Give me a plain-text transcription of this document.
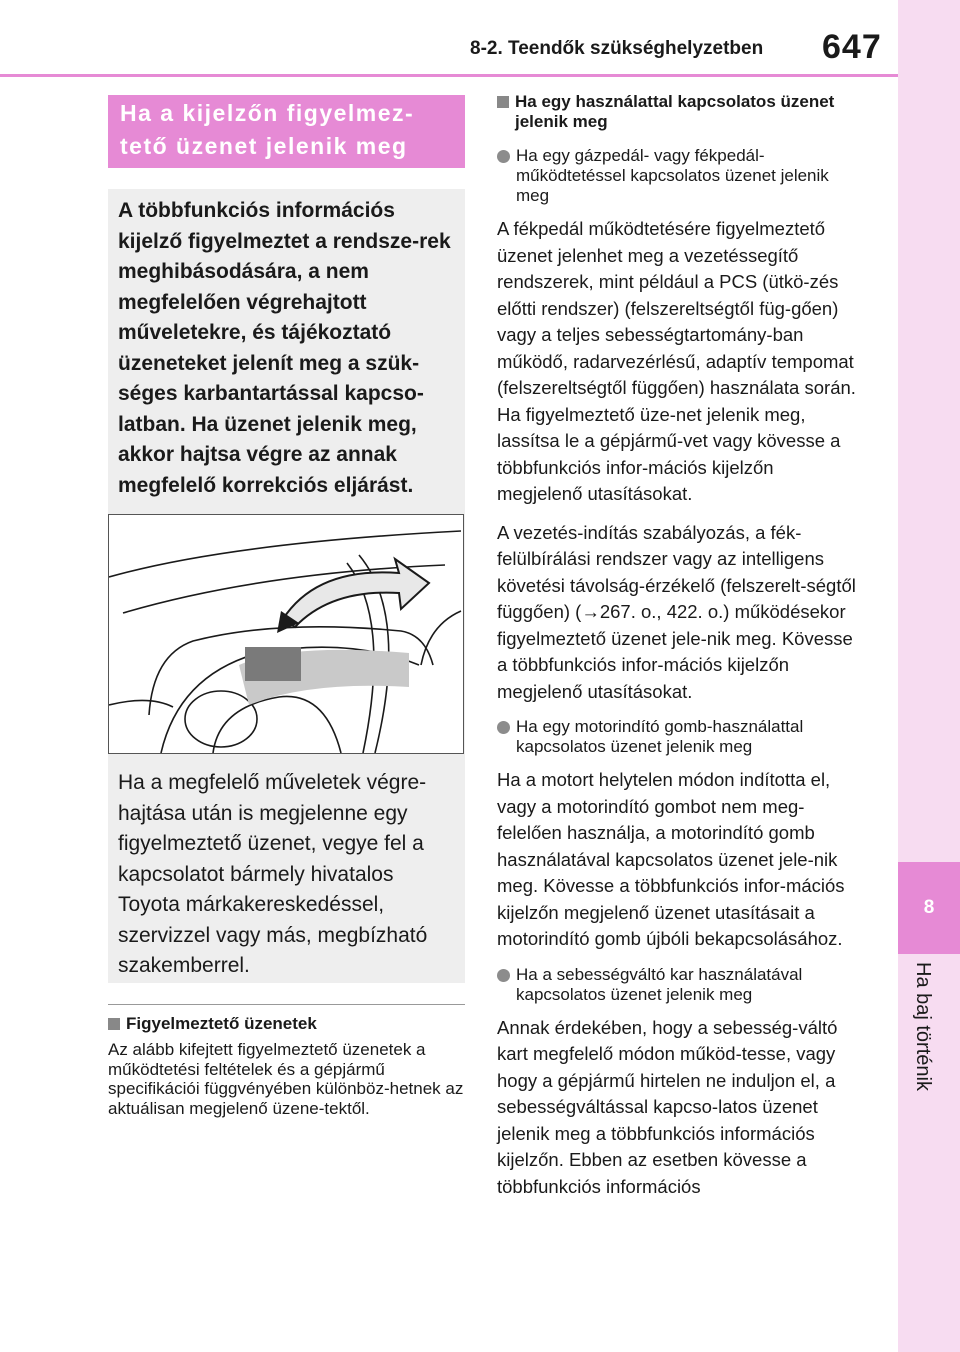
8-2. Teendők szükséghelyzetben 647
8
Ha baj történik
Ha a kijelzőn figyelmez-tető üzenet jelenik meg
A többfunkciós információs kijelző figyelmeztet a rendsze-rek meghibásodására, a nem megfelelően végrehajtott műveletekre, és tájékoztató üzeneteket jelenít meg a szük-séges karbantartással kapcso-latban. Ha üzenet jelenik meg, akkor hajtsa végre az annak megfelelő korrekciós eljárást.
Ha a megfelelő műveletek végre-hajtása után is megjelenne egy figyelmeztető üzenet, vegye fel a kapcsolatot bármely hivatalos Toyota márkakereskedéssel, szervizzel vagy más, megbízható szakemberrel.
Figyelmeztető üzenetek
Az alább kifejtett figyelmeztető üzenetek a működtetési feltételek és a gépjármű specifikációi függvényében különböz-hetnek az aktuálisan megjelenő üzene-tektől.
Ha egy használattal kapcsolatos üzenet jelenik meg
Ha egy gázpedál- vagy fékpedál-működtetéssel kapcsolatos üzenet jelenik meg
A fékpedál működtetésére figyelmeztető üzenet jelenhet meg a vezetéssegítő rendszerek, mint például a PCS (ütkö-zés előtti rendszer) (felszereltségtől füg-gően) vagy a teljes sebességtartomány-ban működő, radarvezérlésű, adaptív tempomat (felszereltségtől függően) használata során. Ha figyelmeztető üze-net jelenik meg, lassítsa le a gépjármű-vet vagy kövesse a többfunkciós infor-mációs kijelzőn megjelenő utasításokat.
A vezetés-indítás szabályozás, a fék-felülbírálási rendszer vagy az intelligens követési távolság-érzékelő (felszerelt-ségtől függően) (→267. o., 422. o.) működésekor figyelmeztető üzenet jele-nik meg. Kövesse a többfunkciós infor-mációs kijelzőn megjelenő utasításokat.
Ha egy motorindító gomb-használattal kapcsolatos üzenet jelenik meg
Ha a motort helytelen módon indította el, vagy a motorindító gombot nem meg-felelően használja, a motorindító gomb használatával kapcsolatos üzenet jele-nik meg. Kövesse a többfunkciós infor-mációs kijelzőn megjelenő üzenet utasításait a motorindító gomb újbóli bekapcsolásához.
Ha a sebességváltó kar használatával kapcsolatos üzenet jelenik meg
Annak érdekében, hogy a sebesség-váltó kart megfelelő módon működ-tesse, vagy hogy a gépjármű hirtelen ne induljon el, a sebességváltással kapcso-latos üzenet jelenik meg a többfunkciós információs kijelzőn. Ebben az esetben kövesse a többfunkciós információs
